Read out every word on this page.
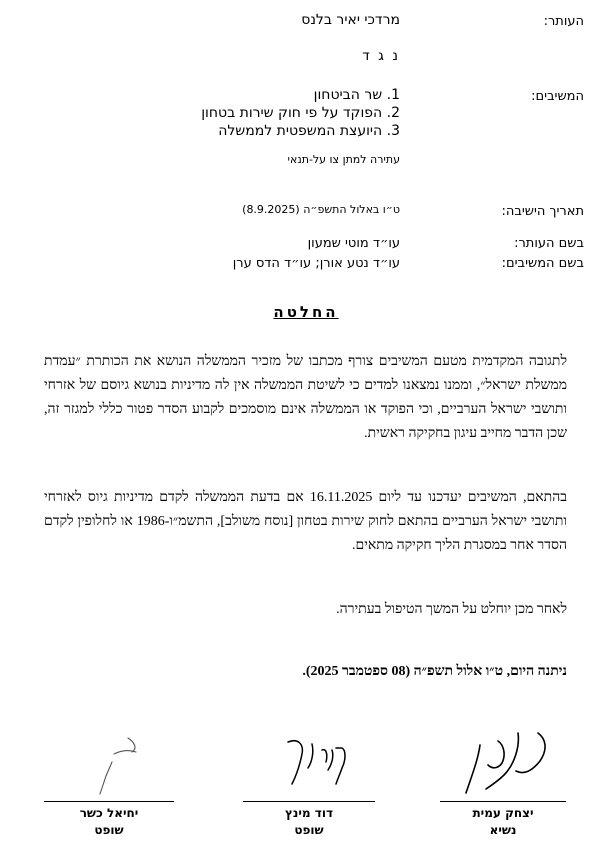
העותר:
מרדכי יאיר בלנס
נ ג ד
המשיבים:
1. שר הביטחון
2. הפוקד על פי חוק שירות בטחון
3. היועצת המשפטית לממשלה
עתירה למתן צו על-תנאי
תאריך הישיבה:
ט״ו באלול התשפ״ה (8.9.2025)
בשם העותר:
עו״ד מוטי שמעון
בשם המשיבים:
עו״ד נטע אורן; עו״ד הדס ערן
החלטה
לתגובה המקדמית מטעם המשיבים צורף מכתבו של מזכיר הממשלה הנושא את הכותרת ״עמדת ממשלת ישראל״, וממנו נמצאנו למדים כי לשיטת הממשלה אין לה מדיניות בנושא גיוסם של אזרחי ותושבי ישראל הערביים, וכי הפוקד או הממשלה אינם מוסמכים לקבוע הסדר פטור כללי למגזר זה, שכן הדבר מחייב עיגון בחקיקה ראשית.
בהתאם, המשיבים יעדכנו עד ליום 16.11.2025 אם בדעת הממשלה לקדם מדיניות גיוס לאזרחי ותושבי ישראל הערביים בהתאם לחוק שירות בטחון [נוסח משולב], התשמ״ו-1986 או לחלופין לקדם הסדר אחר במסגרת הליך חקיקה מתאים.
לאחר מכן יוחלט על המשך הטיפול בעתירה.
ניתנה היום, ט״ו אלול תשפ״ה (08 ספטמבר 2025).
יצחק עמית
נשיא
דוד מינץ
שופט
יחיאל כשר
שופט
